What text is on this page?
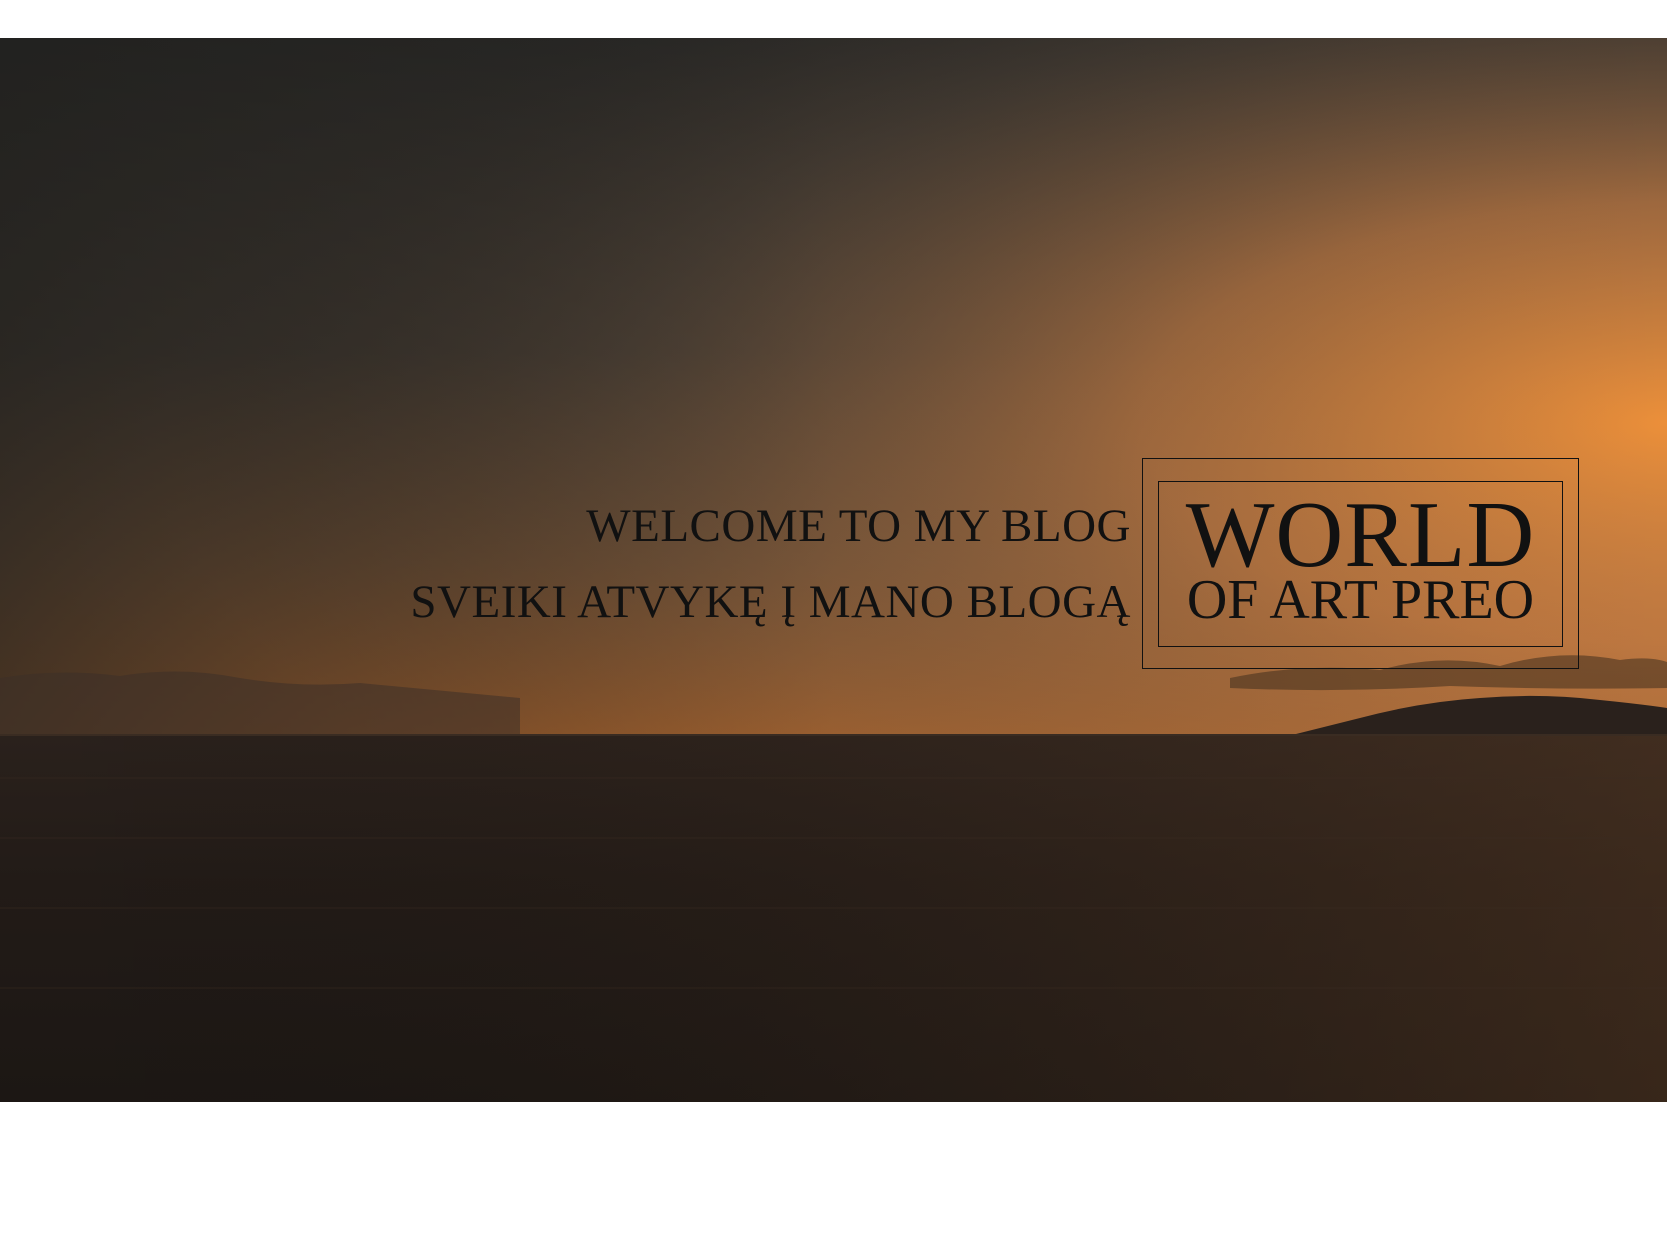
WELCOME TO MY BLOG
SVEIKI ATVYKĘ Į MANO BLOGĄ
WORLD
OF ART PREO
